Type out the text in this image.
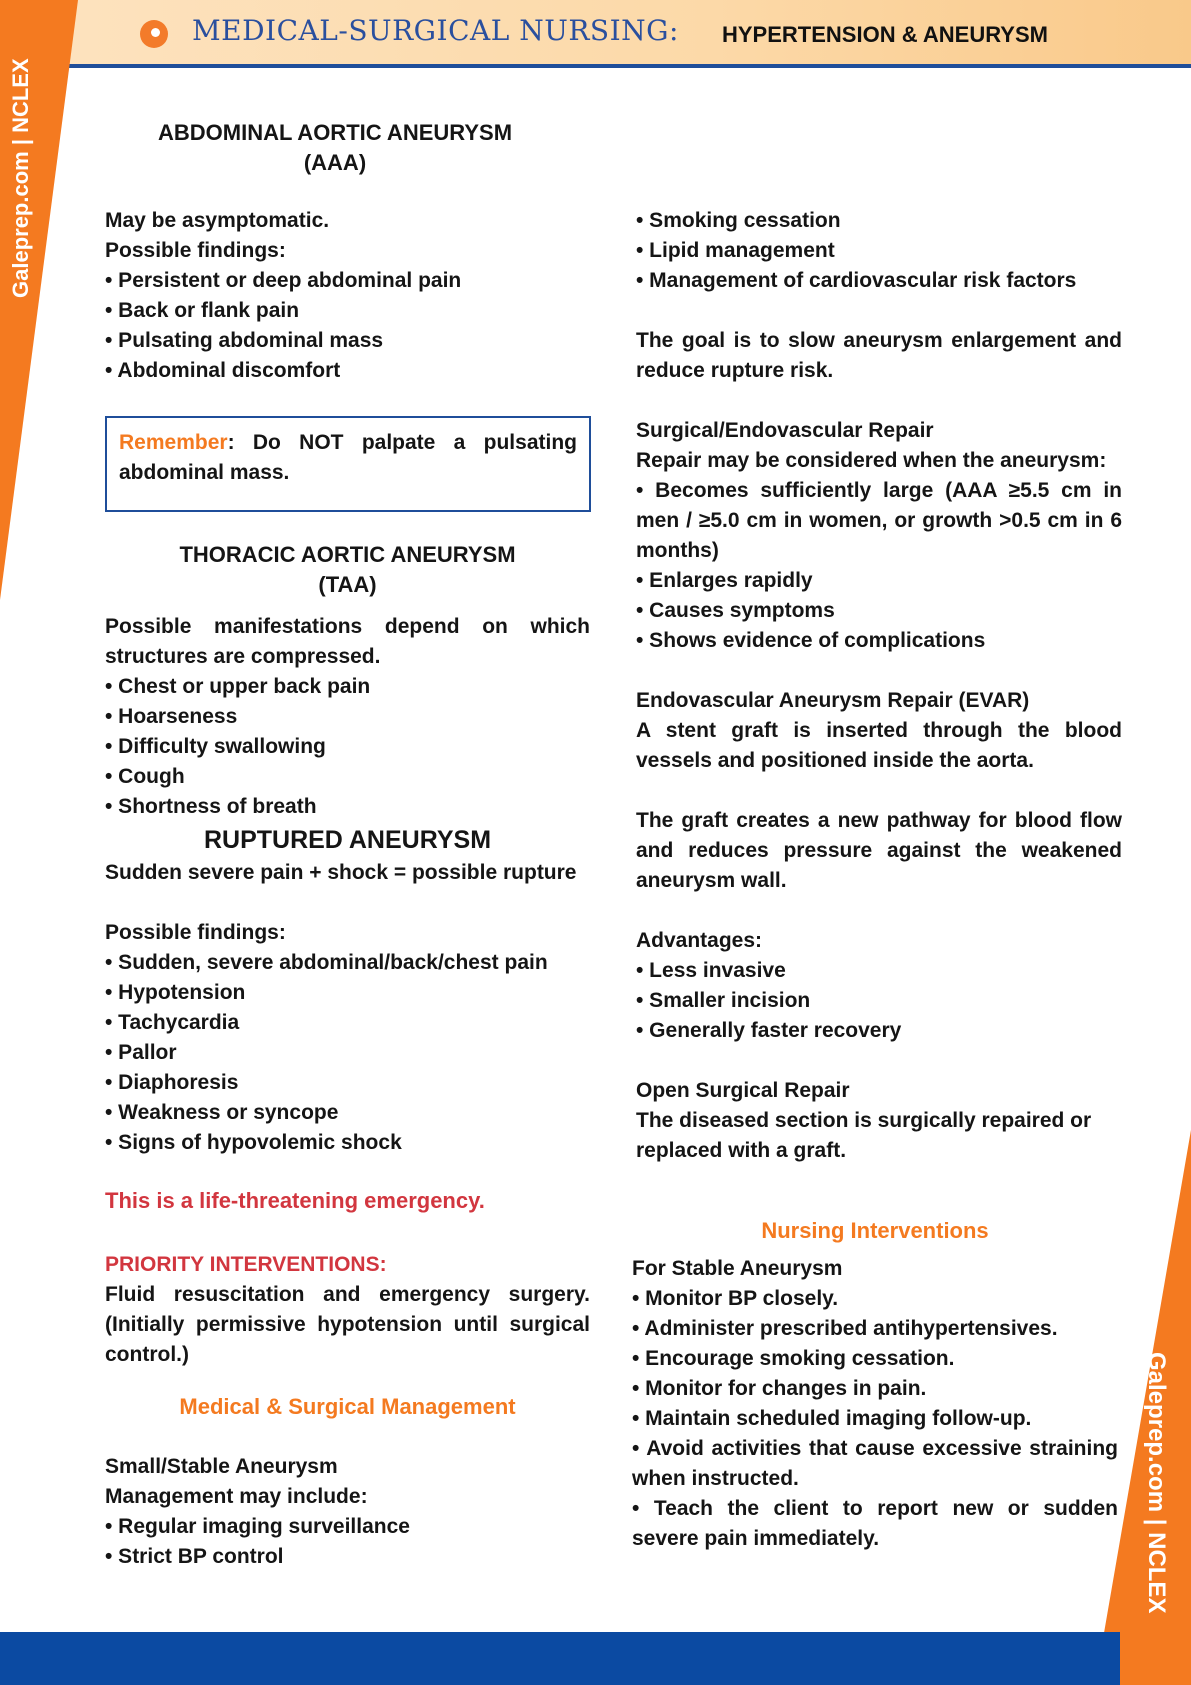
MEDICAL-SURGICAL NURSING: HYPERTENSION & ANEURYSM
Galeprep.com | NCLEX
Galeprep.com | NCLEX

ABDOMINAL AORTIC ANEURYSM

(AAA)

May be asymptomatic.

Possible findings:

• Persistent or deep abdominal pain

• Back or flank pain

• Pulsating abdominal mass

• Abdominal discomfort

Remember: Do NOT palpate a pulsating abdominal mass.

THORACIC AORTIC ANEURYSM

(TAA)

Possible manifestations depend on which structures are compressed.

• Chest or upper back pain

• Hoarseness

• Difficulty swallowing

• Cough

• Shortness of breath

RUPTURED ANEURYSM

Sudden severe pain + shock = possible rupture

Possible findings:

• Sudden, severe abdominal/back/chest pain

• Hypotension

• Tachycardia

• Pallor

• Diaphoresis

• Weakness or syncope

• Signs of hypovolemic shock

This is a life-threatening emergency.

PRIORITY INTERVENTIONS:

Fluid resuscitation and emergency surgery. (Initially permissive hypotension until surgical control.)

Medical & Surgical Management

Small/Stable Aneurysm

Management may include:

• Regular imaging surveillance

• Strict BP control

• Smoking cessation

• Lipid management

• Management of cardiovascular risk factors

The goal is to slow aneurysm enlargement and reduce rupture risk.

Surgical/Endovascular Repair

Repair may be considered when the aneurysm:

• Becomes sufficiently large (AAA ≥5.5 cm in men / ≥5.0 cm in women, or growth >0.5 cm in 6 months)

• Enlarges rapidly

• Causes symptoms

• Shows evidence of complications

Endovascular Aneurysm Repair (EVAR)

A stent graft is inserted through the blood vessels and positioned inside the aorta.

The graft creates a new pathway for blood flow and reduces pressure against the weakened aneurysm wall.

Advantages:

• Less invasive

• Smaller incision

• Generally faster recovery

Open Surgical Repair

The diseased section is surgically repaired or replaced with a graft.

Nursing Interventions

For Stable Aneurysm

• Monitor BP closely.

• Administer prescribed antihypertensives.

• Encourage smoking cessation.

• Monitor for changes in pain.

• Maintain scheduled imaging follow-up.

• Avoid activities that cause excessive straining when instructed.

• Teach the client to report new or sudden severe pain immediately.
